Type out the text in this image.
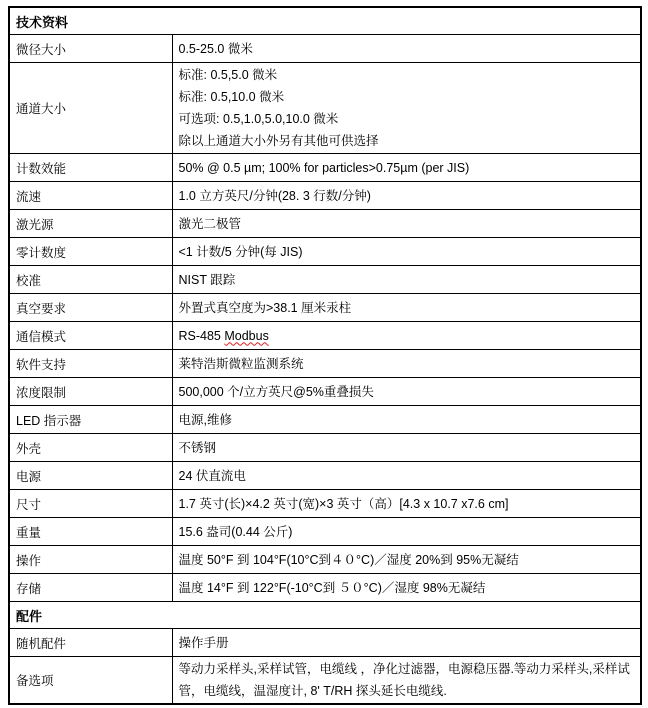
技术资料	
微径大小	0.5-25.0 微米

通道大小	标准: 0.5,5.0 微米
标准: 0.5,10.0 微米
可选项: 0.5,1.0,5.0,10.0 微米
除以上通道大小外另有其他可供选择

计数效能	50% @ 0.5 µm; 100% for particles>0.75µm (per JIS)

流速	1.0 立方英尺/分钟(28. 3 行数/分钟)

激光源	激光二极管

零计数度	<1 计数/5 分钟(每 JIS)

校准	NIST 跟踪

真空要求	外置式真空度为>38.1 厘米汞柱

通信模式	RS-485 Modbus

软件支持	莱特浩斯微粒监测系统

浓度限制	500,000 个/立方英尺@5%重叠损失

LED 指示器	电源,维修

外壳	不锈钢

电源	24 伏直流电

尺寸	1.7 英寸(长)×4.2 英寸(宽)×3 英寸（高）[4.3 x 10.7 x7.6 cm]

重量	15.6 盎司(0.44 公斤)

操作	温度 50°F 到 104°F(10°C到４０°C)／湿度 20%到 95%无凝结

存储	温度 14°F 到 122°F(-10°C到 ５０°C)／湿度 98%无凝结

配件	
随机配件	操作手册

备选项	等动力采样头,采样试管，电缆线 ，净化过滤器，电源稳压器.等动力采样头,采样试管，电缆线，温湿度计, 8' T/RH 探头延长电缆线.
